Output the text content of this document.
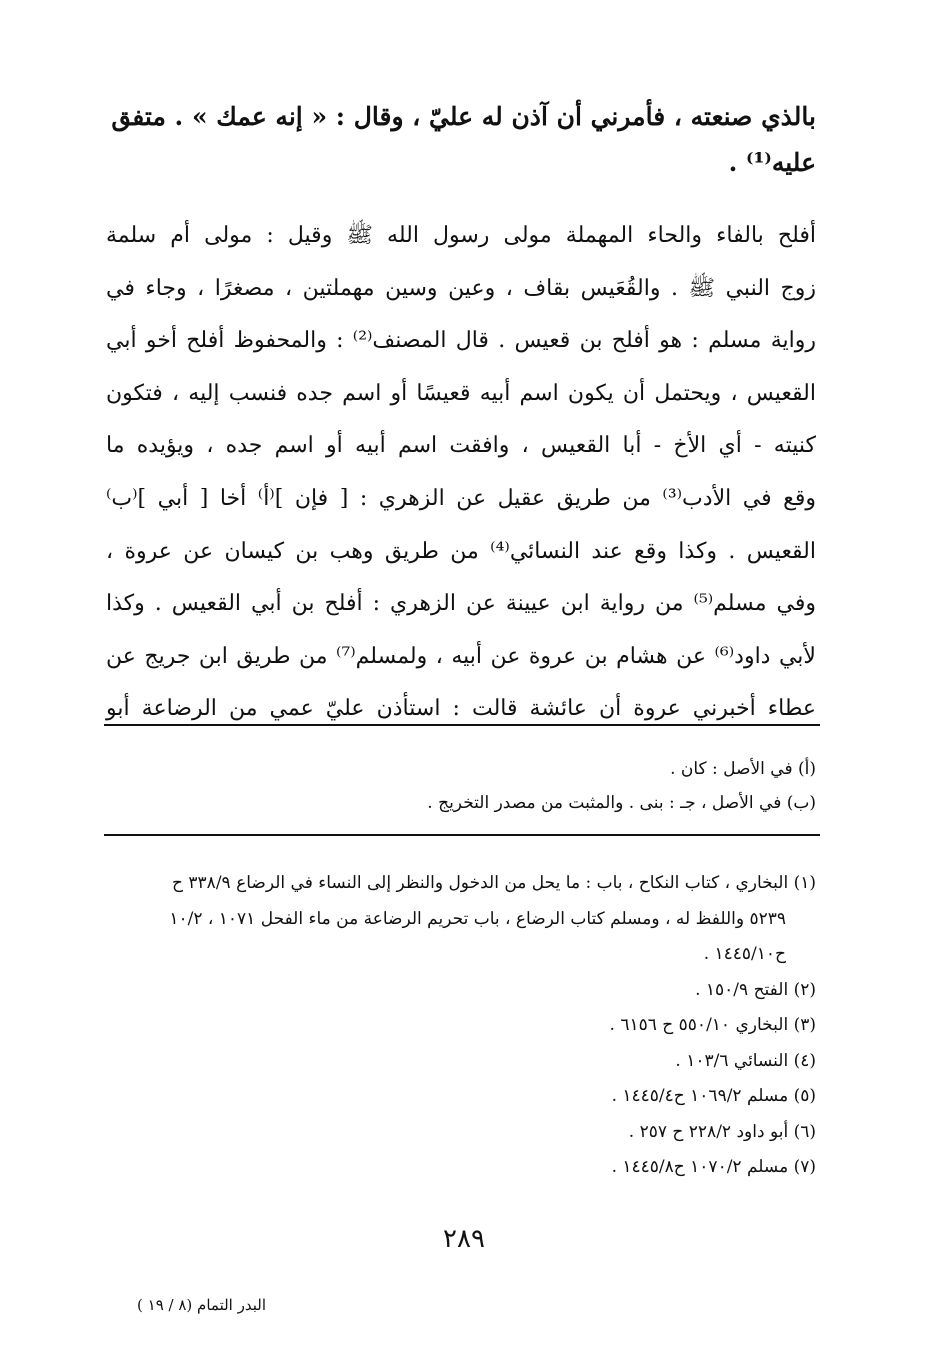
بالذي صنعته ، فأمرني أن آذن له عليّ ، وقال : « إنه عمك » . متفق
عليه⁽¹⁾ .
أفلح بالفاء والحاء المهملة مولى رسول الله ﷺ وقيل : مولى أم سلمة
زوج النبي ﷺ . والقُعَيس بقاف ، وعين وسين مهملتين ، مصغرًا ، وجاء في
رواية مسلم : هو أفلح بن قعيس . قال المصنف⁽²⁾ : والمحفوظ أفلح أخو أبي
القعيس ، ويحتمل أن يكون اسم أبيه قعيسًا أو اسم جده فنسب إليه ، فتكون
كنيته - أي الأخ - أبا القعيس ، وافقت اسم أبيه أو اسم جده ، ويؤيده ما
وقع في الأدب⁽³⁾ من طريق عقيل عن الزهري : [ فإن ]⁽أ⁾ أخا [ أبي ]⁽ب⁾
القعيس . وكذا وقع عند النسائي⁽⁴⁾ من طريق وهب بن كيسان عن عروة ،
وفي مسلم⁽⁵⁾ من رواية ابن عيينة عن الزهري : أفلح بن أبي القعيس . وكذا
لأبي داود⁽⁶⁾ عن هشام بن عروة عن أبيه ، ولمسلم⁽⁷⁾ من طريق ابن جريج عن
عطاء أخبرني عروة أن عائشة قالت : استأذن عليّ عمي من الرضاعة أبو
(أ) في الأصل : كان .
(ب) في الأصل ، جـ : بنى . والمثبت من مصدر التخريج .
(١) البخاري ، كتاب النكاح ، باب : ما يحل من الدخول والنظر إلى النساء في الرضاع ٣٣٨/٩ ح
٥٢٣٩ واللفظ له ، ومسلم كتاب الرضاع ، باب تحريم الرضاعة من ماء الفحل ١٠٧١ ، ١٠/٢
ح١٤٤٥/١٠ .
(٢) الفتح ١٥٠/٩ .
(٣) البخاري ٥٥٠/١٠ ح ٦١٥٦ .
(٤) النسائي ١٠٣/٦ .
(٥) مسلم ١٠٦٩/٢ ح١٤٤٥/٤ .
(٦) أبو داود ٢٢٨/٢ ح ٢٥٧ .
(٧) مسلم ١٠٧٠/٢ ح١٤٤٥/٨ .
٢٨٩
البدر التمام (٨ / ١٩ )
